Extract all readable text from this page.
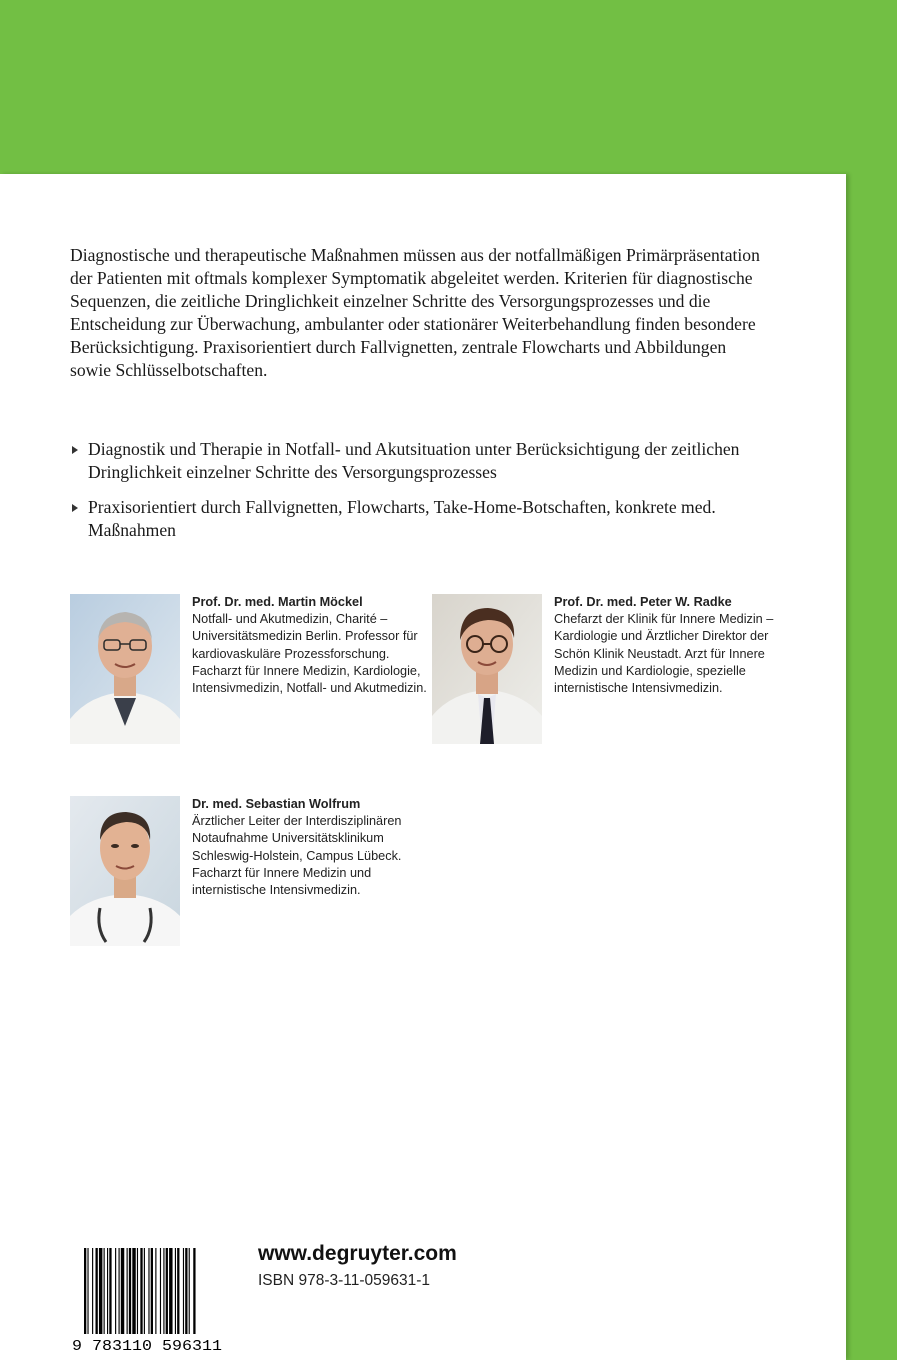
Diagnostische und therapeutische Maßnahmen müssen aus der notfallmäßigen Primärpräsentation der Patienten mit oftmals komplexer Symptomatik abgeleitet werden. Kriterien für diagnostische Sequenzen, die zeitliche Dringlichkeit einzelner Schritte des Versorgungsprozesses und die Entscheidung zur Überwachung, ambulanter oder stationärer Weiterbehandlung finden besondere Berücksichtigung. Praxisorientiert durch Fallvignetten, zentrale Flowcharts und Abbildungen sowie Schlüsselbotschaften.

Diagnostik und Therapie in Notfall- und Akutsituation unter Berücksichtigung der zeitlichen Dringlichkeit einzelner Schritte des Versorgungsprozesses
Praxisorientiert durch Fallvignetten, Flowcharts, Take-Home-Botschaften, konkrete med. Maßnahmen
Prof. Dr. med. Martin Möckel
Notfall- und Akutmedizin, Charité – Universitätsmedizin Berlin. Professor für kardiovaskuläre Prozessforschung. Facharzt für Innere Medizin, Kardiologie, Intensivmedizin, Notfall- und Akutmedizin.
Prof. Dr. med. Peter W. Radke
Chefarzt der Klinik für Innere Medizin – Kardiologie und Ärztlicher Direktor der Schön Klinik Neustadt. Arzt für Innere Medizin und Kardiologie, spezielle internistische Intensivmedizin.
Dr. med. Sebastian Wolfrum
Ärztlicher Leiter der Interdisziplinären Notaufnahme Universitätsklinikum Schleswig-Holstein, Campus Lübeck. Facharzt für Innere Medizin und internistische Intensivmedizin.
9 783110 596311
www.degruyter.com
ISBN 978-3-11-059631-1
